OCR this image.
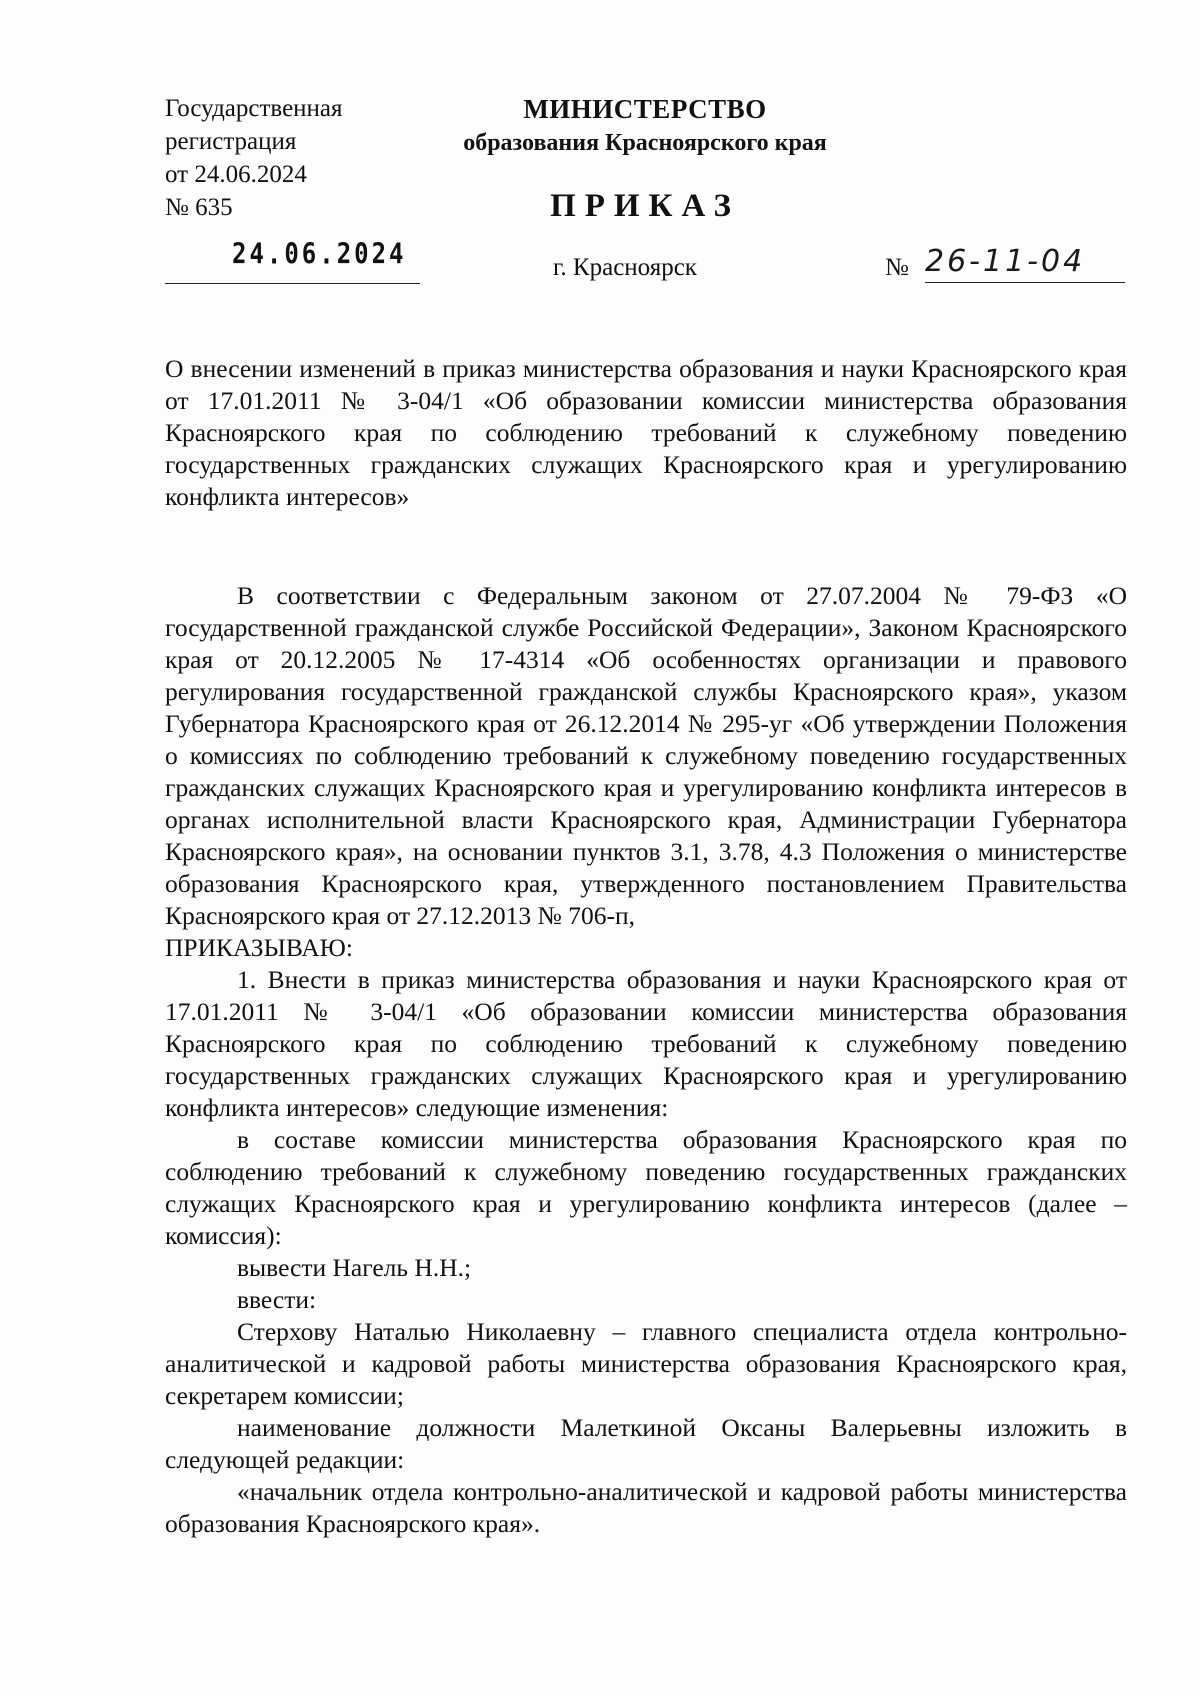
Государственная
регистрация
от 24.06.2024
№ 635
24.06.2024
МИНИСТЕРСТВО
образования Красноярского края
ПРИКАЗ
г. Красноярск	№ 26-11-04
О внесении изменений в приказ министерства образования и науки Красноярского края от 17.01.2011 № 3-04/1 «Об образовании комиссии министерства образования Красноярского края по соблюдению требований к служебному поведению государственных гражданских служащих Красноярского края и урегулированию конфликта интересов»

В соответствии с Федеральным законом от 27.07.2004 № 79-ФЗ «О государственной гражданской службе Российской Федерации», Законом Красноярского края от 20.12.2005 № 17-4314 «Об особенностях организации и правового регулирования государственной гражданской службы Красноярского края», указом Губернатора Красноярского края от 26.12.2014 № 295-уг «Об утверждении Положения о комиссиях по соблюдению требований к служебному поведению государственных гражданских служащих Красноярского края и урегулированию конфликта интересов в органах исполнительной власти Красноярского края, Администрации Губернатора Красноярского края», на основании пунктов 3.1, 3.78, 4.3 Положения о министерстве образования Красноярского края, утвержденного постановлением Правительства Красноярского края от 27.12.2013 № 706-п,

ПРИКАЗЫВАЮ:

1. Внести в приказ министерства образования и науки Красноярского края от 17.01.2011 № 3-04/1 «Об образовании комиссии министерства образования Красноярского края по соблюдению требований к служебному поведению государственных гражданских служащих Красноярского края и урегулированию конфликта интересов» следующие изменения:

в составе комиссии министерства образования Красноярского края по соблюдению требований к служебному поведению государственных гражданских служащих Красноярского края и урегулированию конфликта интересов (далее – комиссия):

вывести Нагель Н.Н.;

ввести:

Стерхову Наталью Николаевну – главного специалиста отдела контрольно-аналитической и кадровой работы министерства образования Красноярского края, секретарем комиссии;

наименование должности Малеткиной Оксаны Валерьевны изложить в следующей редакции:

«начальник отдела контрольно-аналитической и кадровой работы министерства образования Красноярского края».
